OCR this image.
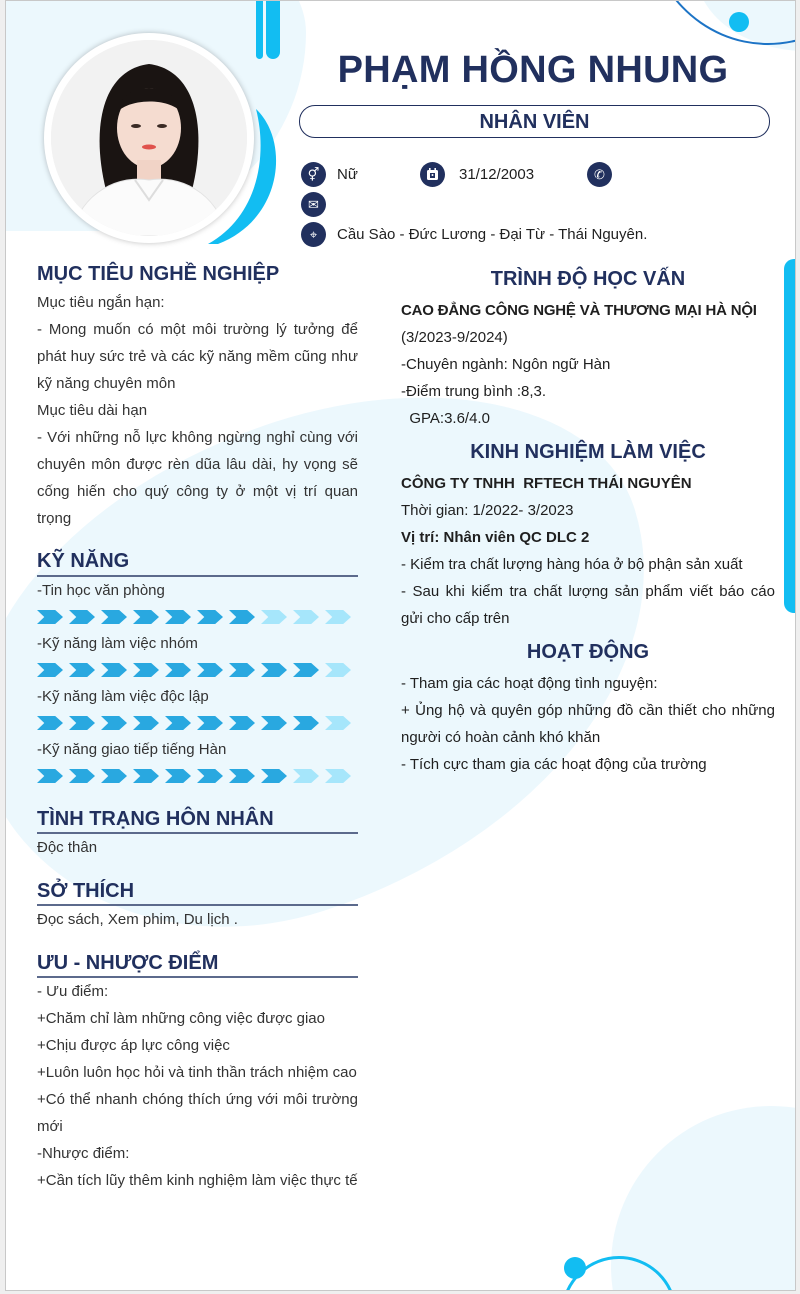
PHẠM HỒNG NHUNG
NHÂN VIÊN
⚥	Nữ	31/12/2003	✆
✉
⌖	Cầu Sào - Đức Lương - Đại Từ - Thái Nguyên.
MỤC TIÊU NGHỀ NGHIỆP

Mục tiêu ngắn hạn:

- Mong muốn có một môi trường lý tưởng để phát huy sức trẻ và các kỹ năng mềm cũng như kỹ năng chuyên môn

Mục tiêu dài hạn

- Với những nỗ lực không ngừng nghỉ cùng với chuyên môn được rèn dũa lâu dài, hy vọng sẽ cống hiến cho quý công ty ở một vị trí quan trọng

KỸ NĂNG
-Tin học văn phòng
-Kỹ năng làm việc nhóm
-Kỹ năng làm việc độc lập
-Kỹ năng giao tiếp tiếng Hàn
TÌNH TRẠNG HÔN NHÂN
Độc thân
SỞ THÍCH
Đọc sách, Xem phim, Du lịch .
ƯU - NHƯỢC ĐIỂM

- Ưu điểm:

+Chăm chỉ làm những công việc được giao

+Chịu được áp lực công việc

+Luôn luôn học hỏi và tinh thần trách nhiệm cao

+Có thể nhanh chóng thích ứng với môi trường mới

-Nhược điểm:

+Cần tích lũy thêm kinh nghiệm làm việc thực tế

TRÌNH ĐỘ HỌC VẤN

CAO ĐẲNG CÔNG NGHỆ VÀ THƯƠNG MẠI HÀ NỘI

(3/2023-9/2024)

-Chuyên ngành: Ngôn ngữ Hàn

-Điểm trung bình :8,3.

GPA:3.6/4.0

KINH NGHIỆM LÀM VIỆC

CÔNG TY TNHH  RFTECH THÁI NGUYÊN

Thời gian: 1/2022- 3/2023

Vị trí: Nhân viên QC DLC 2

- Kiểm tra chất lượng hàng hóa ở bộ phận sản xuất

- Sau khi kiểm tra chất lượng sản phẩm viết báo cáo gửi cho cấp trên

HOẠT ĐỘNG

- Tham gia các hoạt động tình nguyện:

+ Ủng hộ và quyên góp những đồ cần thiết cho những người có hoàn cảnh khó khăn

- Tích cực tham gia các hoạt động của trường
